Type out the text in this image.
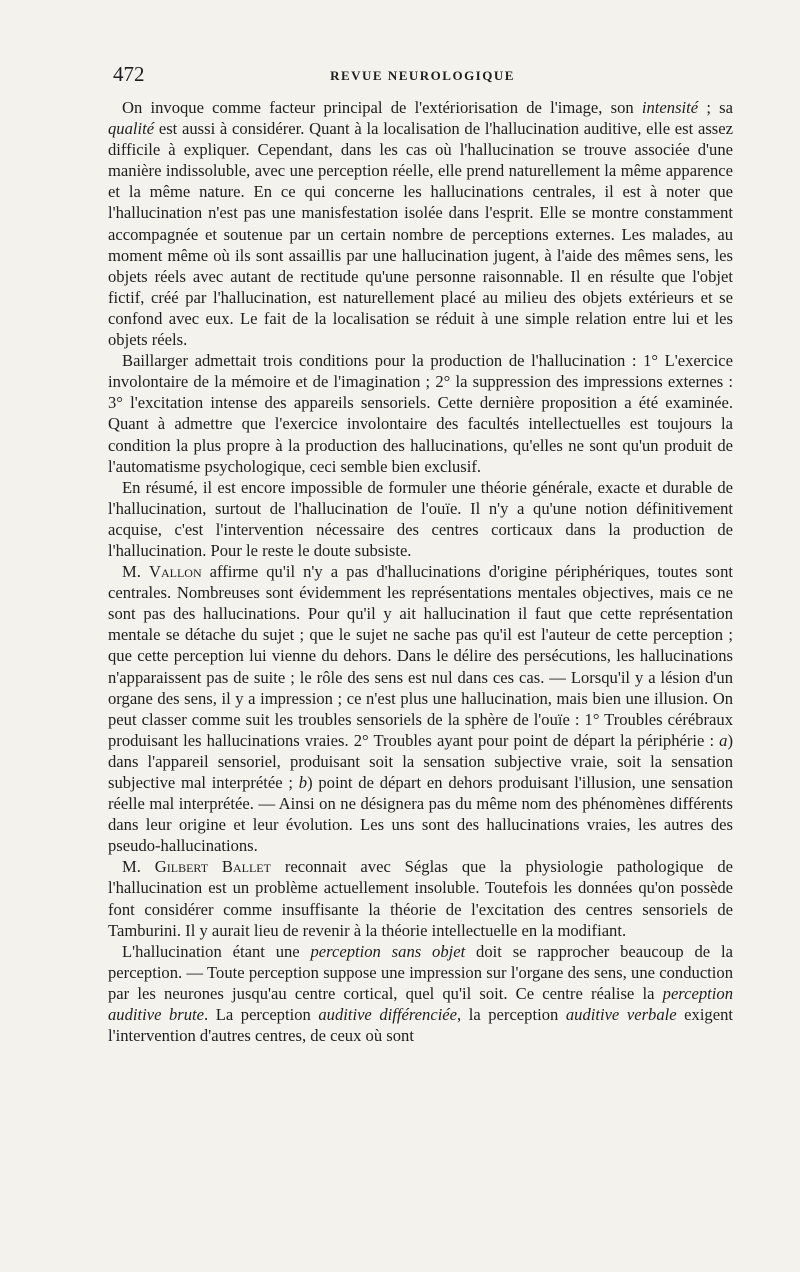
472	REVUE NEUROLOGIQUE

On invoque comme facteur principal de l'extériorisation de l'image, son intensité ; sa qualité est aussi à considérer. Quant à la localisation de l'hallucination auditive, elle est assez difficile à expliquer. Cependant, dans les cas où l'hallucination se trouve associée d'une manière indissoluble, avec une perception réelle, elle prend naturellement la même apparence et la même nature. En ce qui concerne les hallucinations centrales, il est à noter que l'hallucination n'est pas une manisfestation isolée dans l'esprit. Elle se montre constamment accompagnée et soutenue par un certain nombre de perceptions externes. Les malades, au moment même où ils sont assaillis par une hallucination jugent, à l'aide des mêmes sens, les objets réels avec autant de rectitude qu'une personne raisonnable. Il en résulte que l'objet fictif, créé par l'hallucination, est naturellement placé au milieu des objets extérieurs et se confond avec eux. Le fait de la localisation se réduit à une simple relation entre lui et les objets réels.

Baillarger admettait trois conditions pour la production de l'hallucination : 1° L'exercice involontaire de la mémoire et de l'imagination ; 2° la suppression des impressions externes : 3° l'excitation intense des appareils sensoriels. Cette dernière proposition a été examinée. Quant à admettre que l'exercice involontaire des facultés intellectuelles est toujours la condition la plus propre à la production des hallucinations, qu'elles ne sont qu'un produit de l'automatisme psychologique, ceci semble bien exclusif.

En résumé, il est encore impossible de formuler une théorie générale, exacte et durable de l'hallucination, surtout de l'hallucination de l'ouïe. Il n'y a qu'une notion définitivement acquise, c'est l'intervention nécessaire des centres corticaux dans la production de l'hallucination. Pour le reste le doute subsiste.

M. Vallon affirme qu'il n'y a pas d'hallucinations d'origine périphériques, toutes sont centrales. Nombreuses sont évidemment les représentations mentales objectives, mais ce ne sont pas des hallucinations. Pour qu'il y ait hallucination il faut que cette représentation mentale se détache du sujet ; que le sujet ne sache pas qu'il est l'auteur de cette perception ; que cette perception lui vienne du dehors. Dans le délire des persécutions, les hallucinations n'apparaissent pas de suite ; le rôle des sens est nul dans ces cas. — Lorsqu'il y a lésion d'un organe des sens, il y a impression ; ce n'est plus une hallucination, mais bien une illusion. On peut classer comme suit les troubles sensoriels de la sphère de l'ouïe : 1° Troubles cérébraux produisant les hallucinations vraies. 2° Troubles ayant pour point de départ la périphérie : a) dans l'appareil sensoriel, produisant soit la sensation subjective vraie, soit la sensation subjective mal interprétée ; b) point de départ en dehors produisant l'illusion, une sensation réelle mal interprétée. — Ainsi on ne désignera pas du même nom des phénomènes différents dans leur origine et leur évolution. Les uns sont des hallucinations vraies, les autres des pseudo-hallucinations.

M. Gilbert Ballet reconnait avec Séglas que la physiologie pathologique de l'hallucination est un problème actuellement insoluble. Toutefois les données qu'on possède font considérer comme insuffisante la théorie de l'excitation des centres sensoriels de Tamburini. Il y aurait lieu de revenir à la théorie intellectuelle en la modifiant.

L'hallucination étant une perception sans objet doit se rapprocher beaucoup de la perception. — Toute perception suppose une impression sur l'organe des sens, une conduction par les neurones jusqu'au centre cortical, quel qu'il soit. Ce centre réalise la perception auditive brute. La perception auditive différenciée, la perception auditive verbale exigent l'intervention d'autres centres, de ceux où sont
